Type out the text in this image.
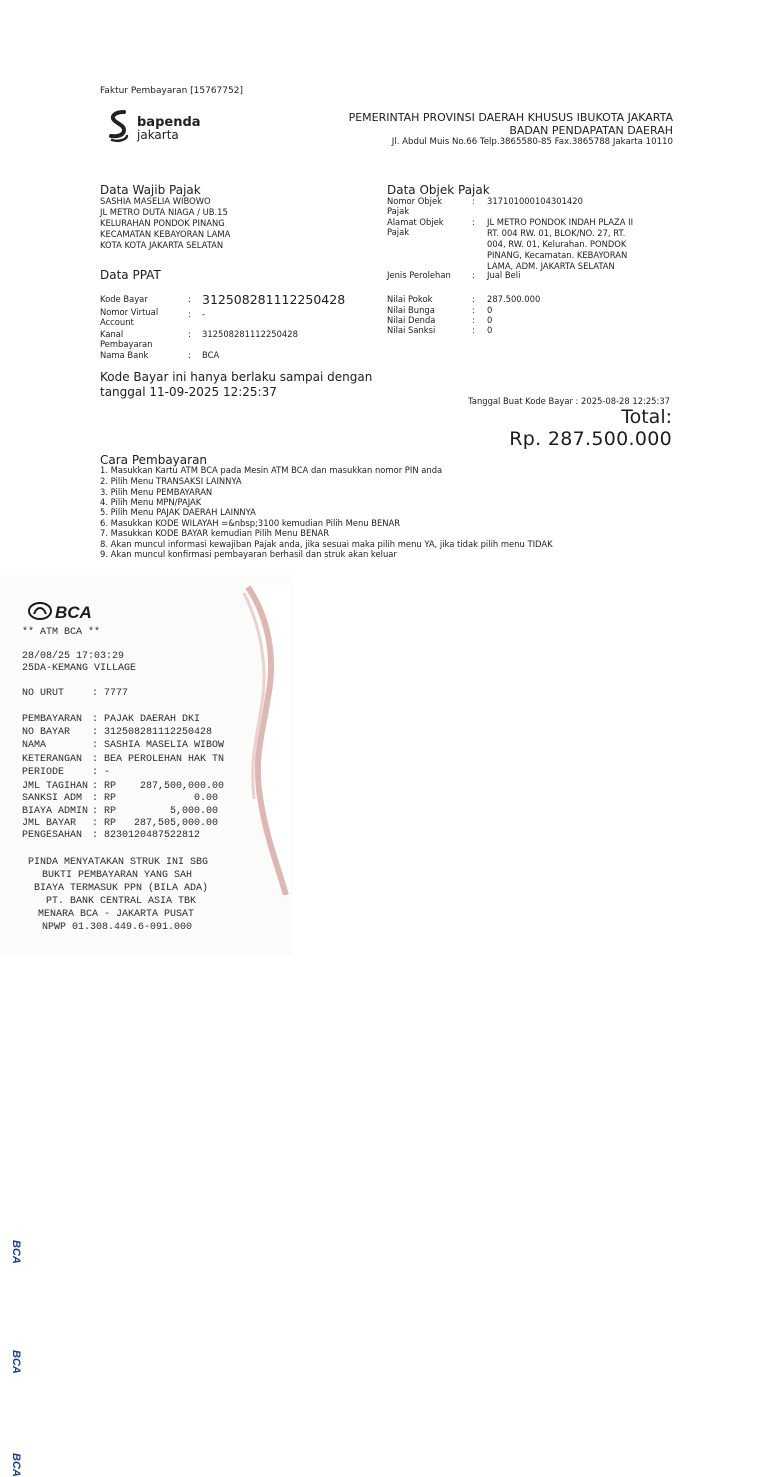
Faktur Pembayaran [15767752]
bapenda
jakarta
PEMERINTAH PROVINSI DAERAH KHUSUS IBUKOTA JAKARTA
BADAN PENDAPATAN DAERAH
Jl. Abdul Muis No.66 Telp.3865580-85 Fax.3865788 Jakarta 10110
Data Wajib Pajak
SASHIA MASELIA WIBOWO
JL METRO DUTA NIAGA / UB.15
KELURAHAN PONDOK PINANG
KECAMATAN KEBAYORAN LAMA
KOTA KOTA JAKARTA SELATAN
Data Objek Pajak
Nomor Objek Pajak
: 317101000104301420
Alamat Objek Pajak
: JL METRO PONDOK INDAH PLAZA II
RT. 004 RW. 01, BLOK/NO. 27, RT.
004, RW. 01, Kelurahan. PONDOK
PINANG, Kecamatan. KEBAYORAN
LAMA, ADM. JAKARTA SELATAN
Jenis Perolehan	: Jual Beli
Nilai Pokok	: 287.500.000
Nilai Bunga	: 0
Nilai Denda	: 0
Nilai Sanksi	: 0
Data PPAT
Kode Bayar	: 312508281112250428
Nomor Virtual Account
: -
Kanal Pembayaran
: 312508281112250428
Nama Bank	: BCA
Kode Bayar ini hanya berlaku sampai dengan
tanggal 11-09-2025 12:25:37
Tanggal Buat Kode Bayar : 2025-08-28 12:25:37
Total:
Rp. 287.500.000
Cara Pembayaran
1. Masukkan Kartu ATM BCA pada Mesin ATM BCA dan masukkan nomor PIN anda
2. Pilih Menu TRANSAKSI LAINNYA
3. Pilih Menu PEMBAYARAN
4. Pilih Menu MPN/PAJAK
5. Pilih Menu PAJAK DAERAH LAINNYA
6. Masukkan KODE WILAYAH =&nbsp;3100 kemudian Pilih Menu BENAR
7. Masukkan KODE BAYAR kemudian Pilih Menu BENAR
8. Akan muncul informasi kewajiban Pajak anda, jika sesuai maka pilih menu YA, jika tidak pilih menu TIDAK
9. Akan muncul konfirmasi pembayaran berhasil dan struk akan keluar
BCA
BCA
BCA
BCA
** ATM BCA **
28/08/25 17:03:29
25DA-KEMANG VILLAGE
NO URUT	: 7777
PEMBAYARAN : PAJAK DAERAH DKI
NO BAYAR : 312508281112250428
NAMA	: SASHIA MASELIA WIBOW
KETERANGAN : BEA PEROLEHAN HAK TN
PERIODE	: -
JML TAGIHAN : RP 287,500,000.00
SANKSI ADM : RP	0.00
BIAYA ADMIN : RP	5,000.00
JML BAYAR : RP 287,505,000.00
PENGESAHAN : 8230120487522812
PINDA MENYATAKAN STRUK INI SBG
BUKTI PEMBAYARAN YANG SAH
BIAYA TERMASUK PPN (BILA ADA)
PT. BANK CENTRAL ASIA TBK
MENARA BCA - JAKARTA PUSAT
NPWP 01.308.449.6-091.000
